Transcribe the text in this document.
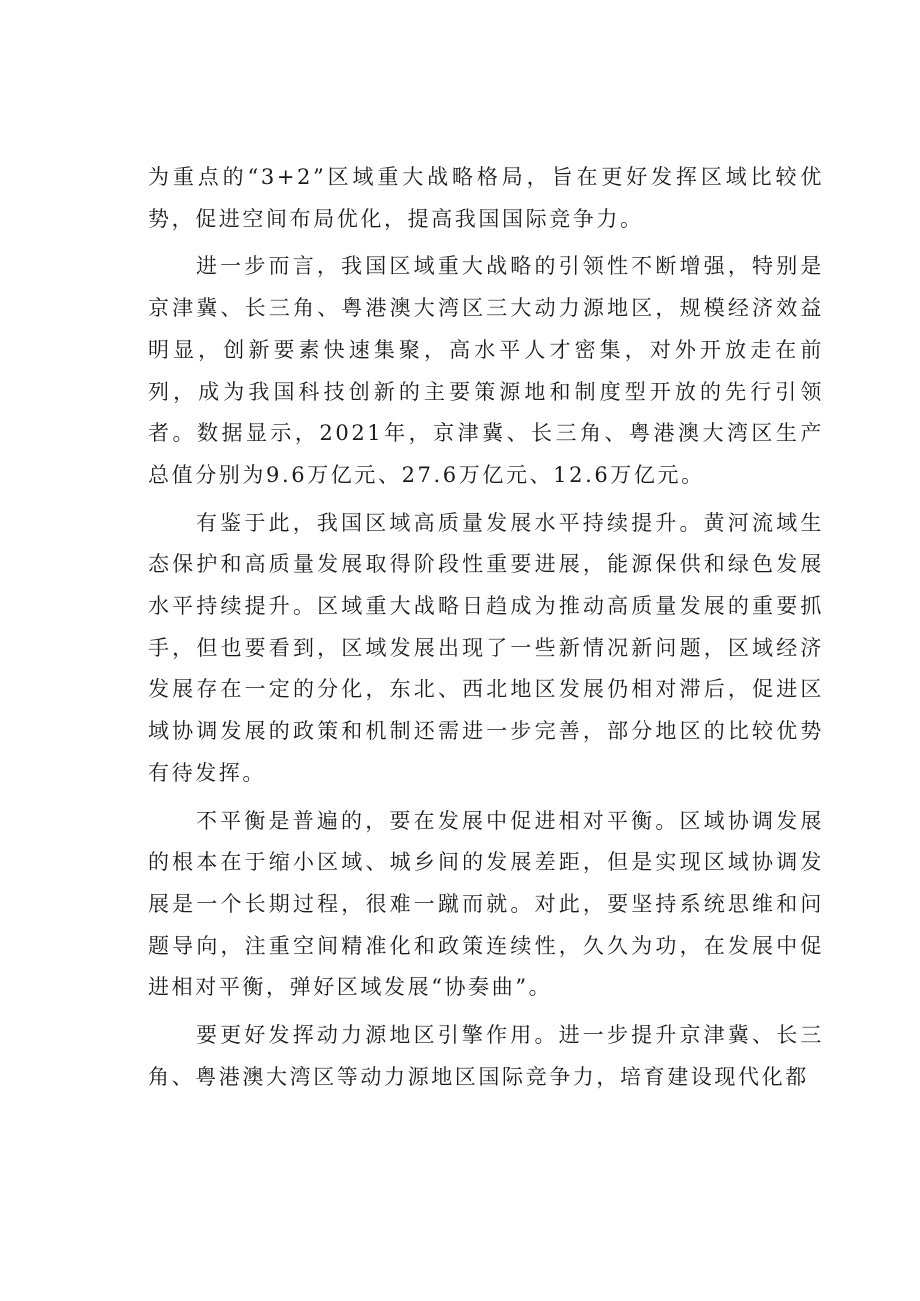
为重点的“3+2”区域重大战略格局，旨在更好发挥区域比较优势，促进空间布局优化，提高我国国际竞争力。

进一步而言，我国区域重大战略的引领性不断增强，特别是京津冀、长三角、粤港澳大湾区三大动力源地区，规模经济效益明显，创新要素快速集聚，高水平人才密集，对外开放走在前列，成为我国科技创新的主要策源地和制度型开放的先行引领者。数据显示，2021年，京津冀、长三角、粤港澳大湾区生产总值分别为9.6万亿元、27.6万亿元、12.6万亿元。

有鉴于此，我国区域高质量发展水平持续提升。黄河流域生态保护和高质量发展取得阶段性重要进展，能源保供和绿色发展水平持续提升。区域重大战略日趋成为推动高质量发展的重要抓手，但也要看到，区域发展出现了一些新情况新问题，区域经济发展存在一定的分化，东北、西北地区发展仍相对滞后，促进区域协调发展的政策和机制还需进一步完善，部分地区的比较优势有待发挥。

不平衡是普遍的，要在发展中促进相对平衡。区域协调发展的根本在于缩小区域、城乡间的发展差距，但是实现区域协调发展是一个长期过程，很难一蹴而就。对此，要坚持系统思维和问题导向，注重空间精准化和政策连续性，久久为功，在发展中促进相对平衡，弹好区域发展“协奏曲”。

要更好发挥动力源地区引擎作用。进一步提升京津冀、长三角、粤港澳大湾区等动力源地区国际竞争力，培育建设现代化都
